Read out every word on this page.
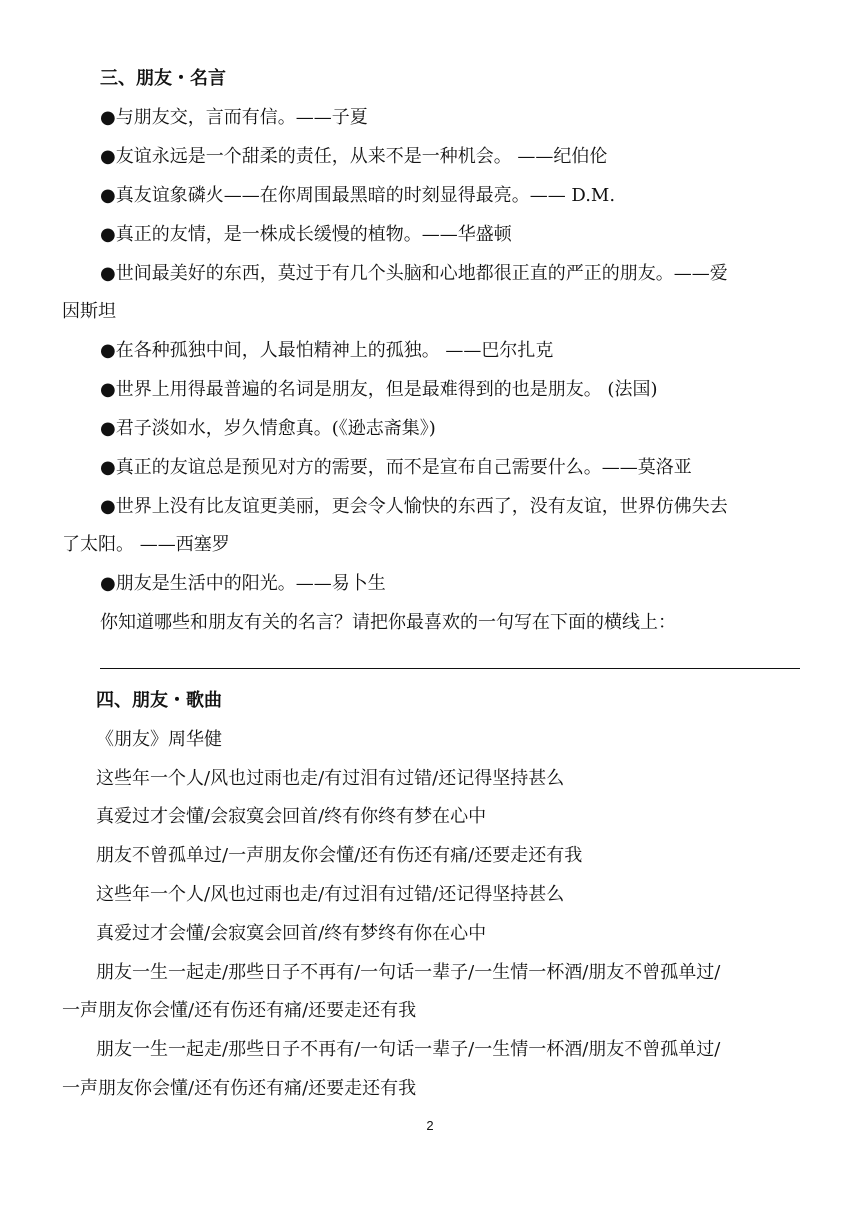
三、朋友・名言
●与朋友交，言而有信。——子夏
●友谊永远是一个甜柔的责任，从来不是一种机会。 ——纪伯伦
●真友谊象磷火——在你周围最黑暗的时刻显得最亮。—— D.M.
●真正的友情，是一株成长缓慢的植物。——华盛顿
●世间最美好的东西，莫过于有几个头脑和心地都很正直的严正的朋友。——爱
因斯坦
●在各种孤独中间，人最怕精神上的孤独。 ——巴尔扎克
●世界上用得最普遍的名词是朋友，但是最难得到的也是朋友。 (法国)
●君子淡如水，岁久情愈真。(《逊志斋集》)
●真正的友谊总是预见对方的需要，而不是宣布自己需要什么。——莫洛亚
●世界上没有比友谊更美丽，更会令人愉快的东西了，没有友谊，世界仿佛失去
了太阳。 ——西塞罗
●朋友是生活中的阳光。——易卜生
你知道哪些和朋友有关的名言？请把你最喜欢的一句写在下面的横线上：
四、朋友・歌曲
《朋友》周华健
这些年一个人/风也过雨也走/有过泪有过错/还记得坚持甚么
真爱过才会懂/会寂寞会回首/终有你终有梦在心中
朋友不曾孤单过/一声朋友你会懂/还有伤还有痛/还要走还有我
这些年一个人/风也过雨也走/有过泪有过错/还记得坚持甚么
真爱过才会懂/会寂寞会回首/终有梦终有你在心中
朋友一生一起走/那些日子不再有/一句话一辈子/一生情一杯酒/朋友不曾孤单过/
一声朋友你会懂/还有伤还有痛/还要走还有我
朋友一生一起走/那些日子不再有/一句话一辈子/一生情一杯酒/朋友不曾孤单过/
一声朋友你会懂/还有伤还有痛/还要走还有我
2
